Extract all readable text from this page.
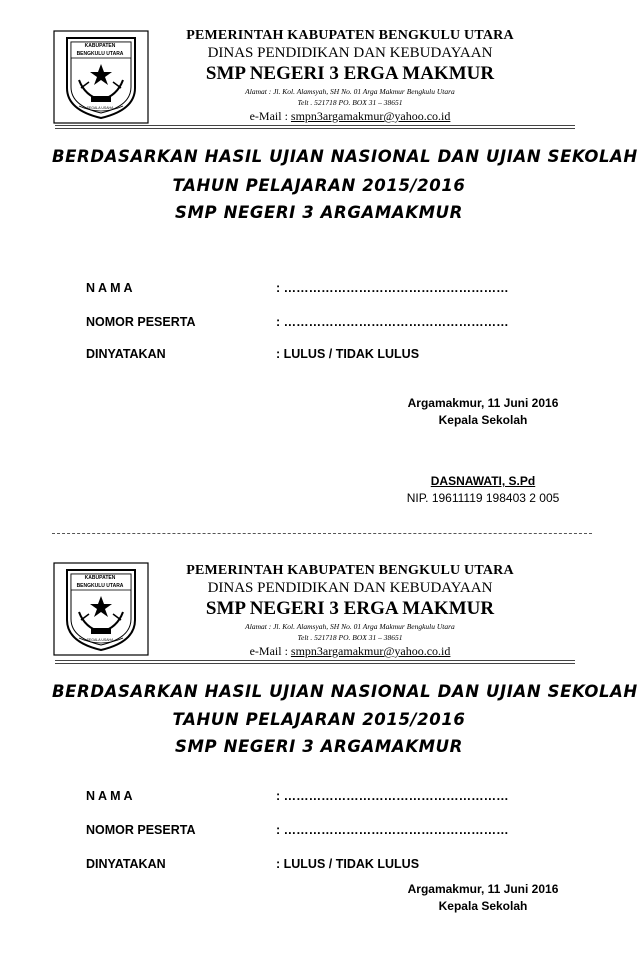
KABUPATEN
BENGKULU UTARA
SEGALA USAHA
PEMERINTAH KABUPATEN BENGKULU UTARA
DINAS PENDIDIKAN DAN KEBUDAYAAN
SMP NEGERI 3 ERGA MAKMUR
Alamat : Jl. Kol. Alamsyah, SH No. 01 Arga Makmur Bengkulu Utara
Telt . 521718 PO. BOX 31 – 38651
e-Mail : smpn3argamakmur@yahoo.co.id
BERDASARKAN HASIL UJIAN NASIONAL DAN UJIAN SEKOLAH
TAHUN PELAJARAN 2015/2016
SMP NEGERI 3 ARGAMAKMUR
N A M A	: ………………………………………………
NOMOR PESERTA	: ………………………………………………
DINYATAKAN	: LULUS / TIDAK LULUS
Argamakmur, 11 Juni 2016
Kepala Sekolah
DASNAWATI, S.Pd
NIP. 19611119 198403 2 005
KABUPATEN
BENGKULU UTARA
SEGALA USAHA
PEMERINTAH KABUPATEN BENGKULU UTARA
DINAS PENDIDIKAN DAN KEBUDAYAAN
SMP NEGERI 3 ERGA MAKMUR
Alamat : Jl. Kol. Alamsyah, SH No. 01 Arga Makmur Bengkulu Utara
Telt . 521718 PO. BOX 31 – 38651
e-Mail : smpn3argamakmur@yahoo.co.id
BERDASARKAN HASIL UJIAN NASIONAL DAN UJIAN SEKOLAH
TAHUN PELAJARAN 2015/2016
SMP NEGERI 3 ARGAMAKMUR
N A M A	: ………………………………………………
NOMOR PESERTA	: ………………………………………………
DINYATAKAN	: LULUS / TIDAK LULUS
Argamakmur, 11 Juni 2016
Kepala Sekolah
